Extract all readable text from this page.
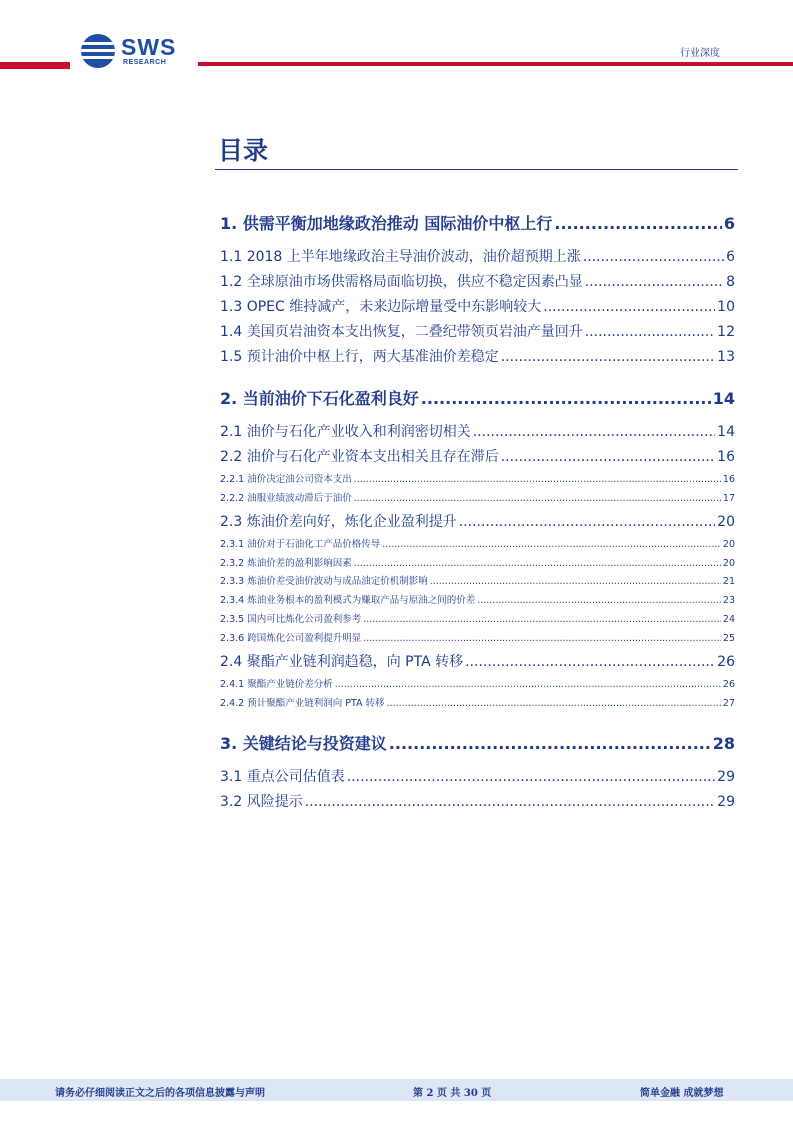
SWS
RESEARCH
行业深度
目录
1. 供需平衡加地缘政治推动 国际油价中枢上行 .....	6
1.1 2018 上半年地缘政治主导油价波动，油价超预期上涨 .....	6
1.2 全球原油市场供需格局面临切换，供应不稳定因素凸显 .....	8
1.3 OPEC 维持减产，未来边际增量受中东影响较大 .....	10
1.4 美国页岩油资本支出恢复，二叠纪带领页岩油产量回升 .....	12
1.5 预计油价中枢上行，两大基准油价差稳定 .....	13
2. 当前油价下石化盈利良好 .....	14
2.1 油价与石化产业收入和利润密切相关 .....	14
2.2 油价与石化产业资本支出相关且存在滞后 .....	16
2.2.1 油价决定油公司资本支出 .....	16
2.2.2 油服业绩波动滞后于油价 .....	17
2.3 炼油价差向好，炼化企业盈利提升 .....	20
2.3.1 油价对于石油化工产品价格传导 .....	20
2.3.2 炼油价差的盈利影响因素 .....	20
2.3.3 炼油价差受油价波动与成品油定价机制影响 .....	21
2.3.4 炼油业务根本的盈利模式为赚取产品与原油之间的价差 .....	23
2.3.5 国内可比炼化公司盈利参考 .....	24
2.3.6 跨国炼化公司盈利提升明显 .....	25
2.4 聚酯产业链利润趋稳，向 PTA 转移 .....	26
2.4.1 聚酯产业链价差分析 .....	26
2.4.2 预计聚酯产业链利润向 PTA 转移 .....	27
3. 关键结论与投资建议 .....	28
3.1 重点公司估值表 .....	29
3.2 风险提示 .....	29
请务必仔细阅读正文之后的各项信息披露与声明	第 2 页 共 30 页	简单金融 成就梦想
